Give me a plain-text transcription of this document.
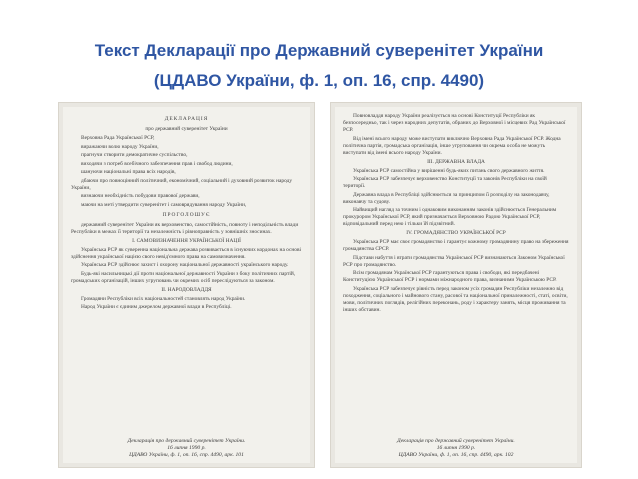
Текст Декларації про Державний суверенітет України
(ЦДАВО України, ф. 1, оп. 16, спр. 4490)
ДЕКЛАРАЦІЯ
про державний суверенітет України

Верховна Рада Української РСР,

виражаючи волю народу України,

прагнучи створити демократичне суспільство,

виходячи з потреб всебічного забезпечення прав і свобод людини,

шануючи національні права всіх народів,

дбаючи про повноцінний політичний, економічний, соціальний і духовний розвиток народу України,

визнаючи необхідність побудови правової держави,

маючи на меті утвердити суверенітет і самоврядування народу України,

ПРОГОЛОШУЄ

державний суверенітет України як верховенство, самостійність, повноту і неподільність влади Республіки в межах її території та незалежність і рівноправність у зовнішніх зносинах.

І. САМОВИЗНАЧЕННЯ УКРАЇНСЬКОЇ НАЦІЇ

Українська РСР як суверенна національна держава розвивається в існуючих кордонах на основі здійснення української нацією свого невід'ємного права на самовизначення.

Українська РСР здійснює захист і охорону національної державності українського народу.

Будь-які насильницькі дії проти національної державності України з боку політичних партій, громадських організацій, інших угруповань чи окремих осіб переслідуються за законом.

ІІ. НАРОДОВЛАДДЯ

Громадяни Республіки всіх національностей становлять народ України.

Народ України є єдиним джерелом державної влади в Республіці.

Декларація про державний суверенітет України.
16 липня 1990 р.
ЦДАВО України, ф. 1, оп. 16, спр. 4490, арк. 101

Повновладдя народу України реалізується на основі Конституції Республіки як безпосередньо, так і через народних депутатів, обраних до Верховної і місцевих Рад Української РСР.

Від імені всього народу може виступати виключно Верховна Рада Української РСР. Жодна політична партія, громадська організація, інше угруповання чи окрема особа не можуть виступати від імені всього народу України.

ІІІ. ДЕРЖАВНА ВЛАДА

Українська РСР самостійна у вирішенні будь-яких питань свого державного життя.

Українська РСР забезпечує верховенство Конституції та законів Республіки на своїй території.

Державна влада в Республіці здійснюється за принципом її розподілу на законодавчу, виконавчу та судову.

Найвищий нагляд за точним і однаковим виконанням законів здійснюється Генеральним прокурором Української РСР, який призначається Верховною Радою Української РСР, відповідальний перед нею і тільки їй підзвітний.

ІV. ГРОМАДЯНСТВО УКРАЇНСЬКОЇ РСР

Українська РСР має своє громадянство і гарантує кожному громадянину право на збереження громадянства СРСР.

Підстави набуття і втрати громадянства Української РСР визначаються Законом Української РСР про громадянство.

Всім громадянам Української РСР гарантуються права і свободи, які передбачені Конституцією Української РСР і нормами міжнародного права, визнаними Українською РСР.

Українська РСР забезпечує рівність перед законом усіх громадян Республіки незалежно від походження, соціального і майнового стану, расової та національної приналежності, статі, освіти, мови, політичних поглядів, релігійних переконань, роду і характеру занять, місця проживання та інших обставин.

Декларація про державний суверенітет України.
16 липня 1990 р.
ЦДАВО України, ф. 1, оп. 16, спр. 4490, арк. 102
